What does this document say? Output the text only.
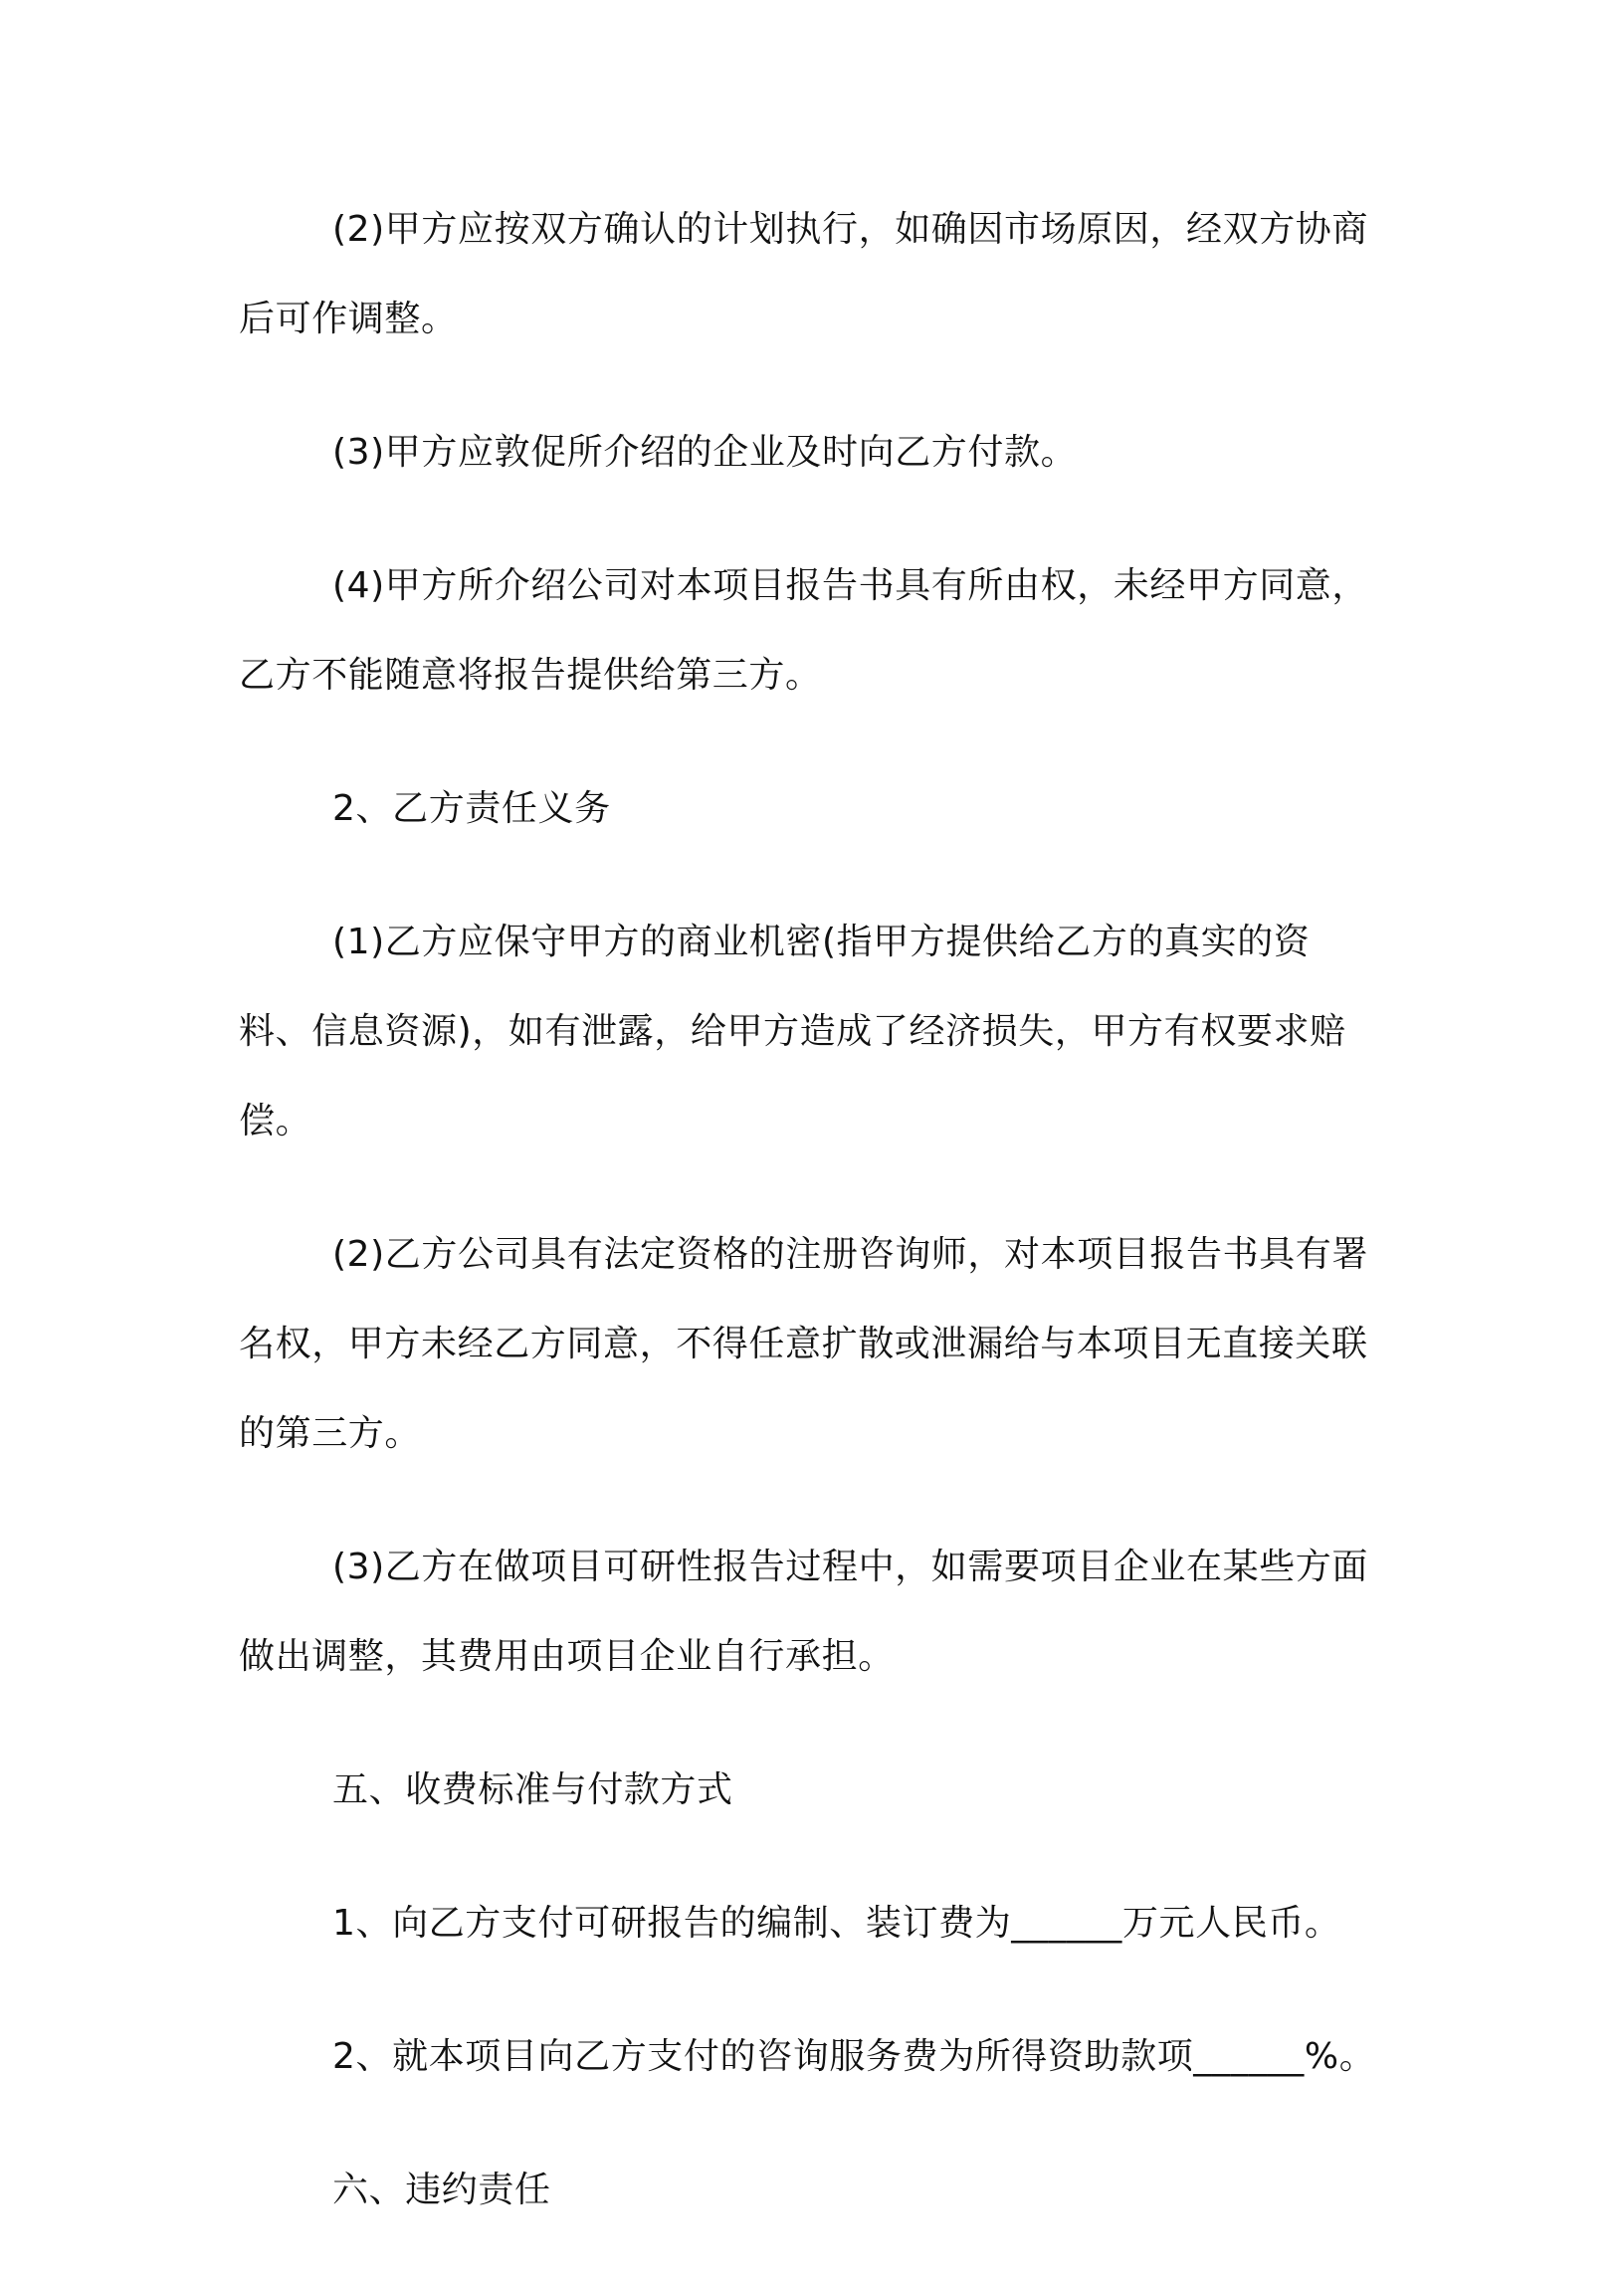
(2)甲方应按双方确认的计划执行，如确因市场原因，经双方协商后可作调整。

(3)甲方应敦促所介绍的企业及时向乙方付款。

(4)甲方所介绍公司对本项目报告书具有所由权，未经甲方同意，乙方不能随意将报告提供给第三方。

2、乙方责任义务

(1)乙方应保守甲方的商业机密(指甲方提供给乙方的真实的资料、信息资源)，如有泄露，给甲方造成了经济损失，甲方有权要求赔偿。

(2)乙方公司具有法定资格的注册咨询师，对本项目报告书具有署名权，甲方未经乙方同意，不得任意扩散或泄漏给与本项目无直接关联的第三方。

(3)乙方在做项目可研性报告过程中，如需要项目企业在某些方面做出调整，其费用由项目企业自行承担。

五、收费标准与付款方式

1、向乙方支付可研报告的编制、装订费为______万元人民币。

2、就本项目向乙方支付的咨询服务费为所得资助款项______%。

六、违约责任
